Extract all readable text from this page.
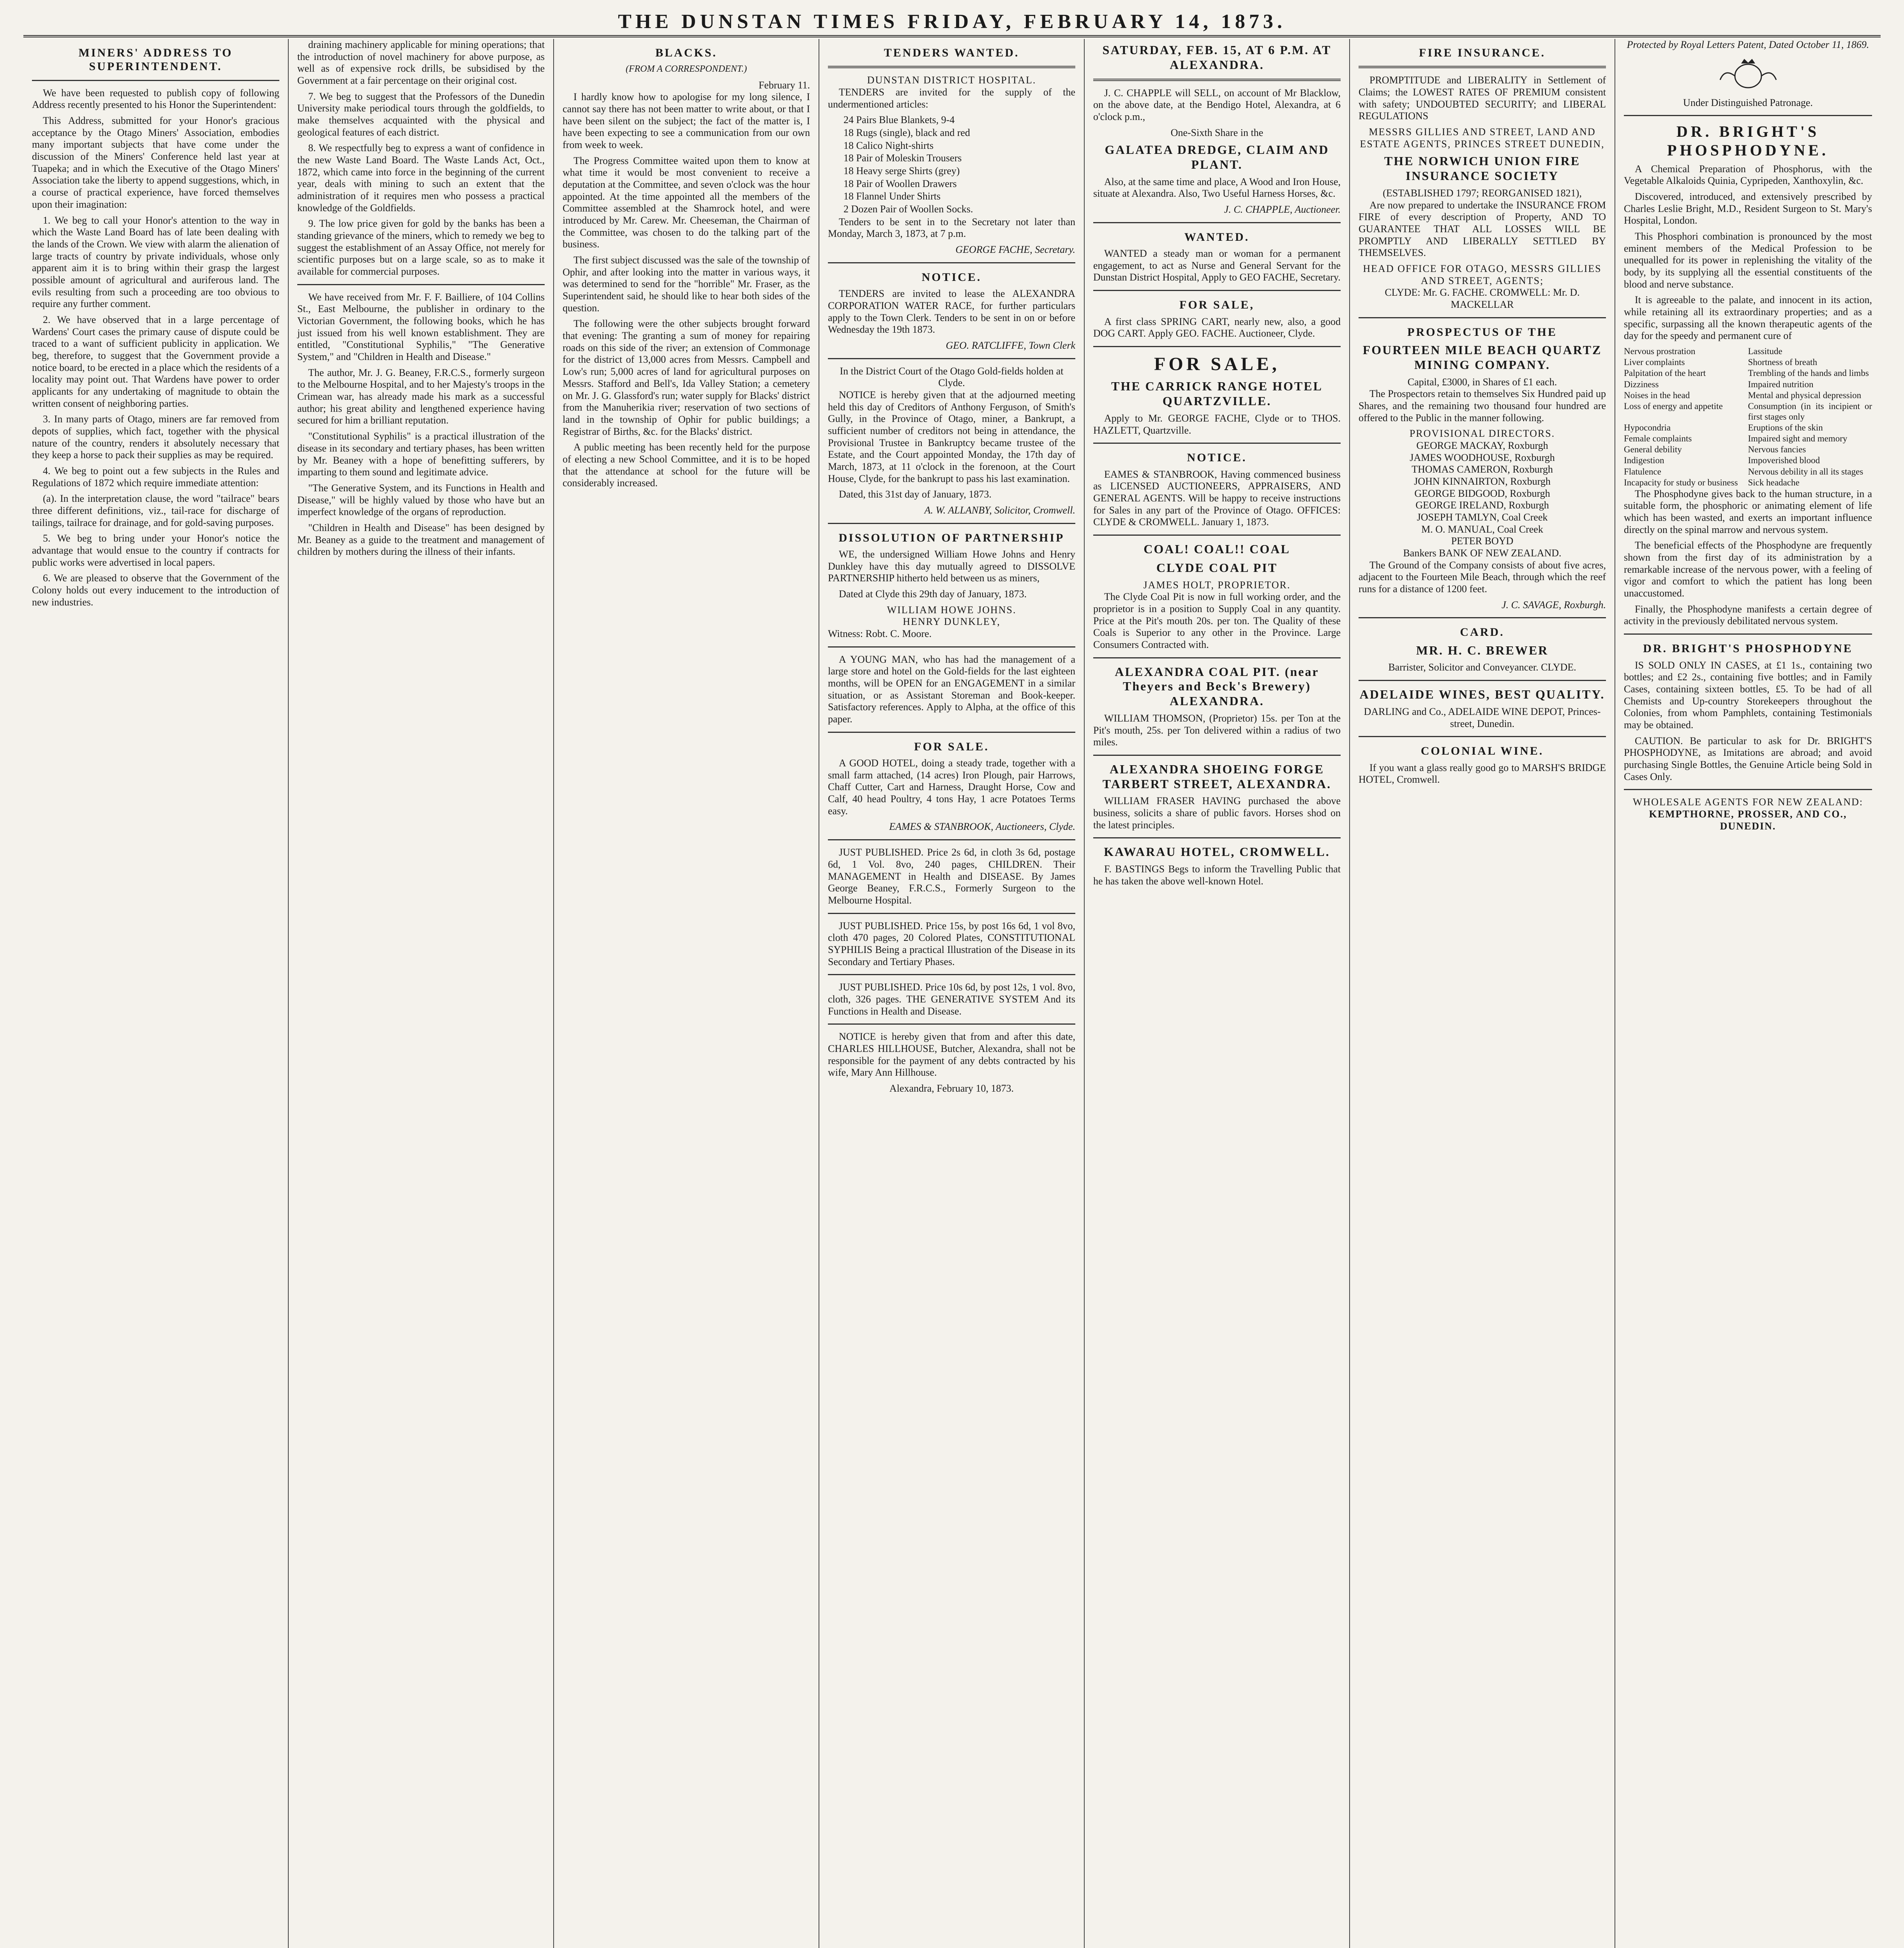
THE DUNSTAN TIMES FRIDAY, FEBRUARY 14, 1873.
MINERS' ADDRESS TO SUPERINTENDENT.

We have been requested to publish copy of following Address recently presented to his Honor the Superintendent:

This Address, submitted for your Honor's gracious acceptance by the Otago Miners' Association, embodies many important subjects that have come under the discussion of the Miners' Conference held last year at Tuapeka; and in which the Executive of the Otago Miners' Association take the liberty to append suggestions, which, in a course of practical experience, have forced themselves upon their imagination:

1. We beg to call your Honor's attention to the way in which the Waste Land Board has of late been dealing with the lands of the Crown. We view with alarm the alienation of large tracts of country by private individuals, whose only apparent aim it is to bring within their grasp the largest possible amount of agricultural and auriferous land. The evils resulting from such a proceeding are too obvious to require any further comment.

2. We have observed that in a large percentage of Wardens' Court cases the primary cause of dispute could be traced to a want of sufficient publicity in application. We beg, therefore, to suggest that the Government provide a notice board, to be erected in a place which the residents of a locality may point out. That Wardens have power to order applicants for any undertaking of magnitude to obtain the written consent of neighboring parties.

3. In many parts of Otago, miners are far removed from depots of supplies, which fact, together with the physical nature of the country, renders it absolutely necessary that they keep a horse to pack their supplies as may be required.

4. We beg to point out a few subjects in the Rules and Regulations of 1872 which require immediate attention:

(a). In the interpretation clause, the word "tailrace" bears three different definitions, viz., tail-race for discharge of tailings, tailrace for drainage, and for gold-saving purposes.

5. We beg to bring under your Honor's notice the advantage that would ensue to the country if contracts for public works were advertised in local papers.

6. We are pleased to observe that the Government of the Colony holds out every inducement to the introduction of new industries.

draining machinery applicable for mining operations; that the introduction of novel machinery for above purpose, as well as of expensive rock drills, be subsidised by the Government at a fair percentage on their original cost.

7. We beg to suggest that the Professors of the Dunedin University make periodical tours through the goldfields, to make themselves acquainted with the physical and geological features of each district.

8. We respectfully beg to express a want of confidence in the new Waste Land Board. The Waste Lands Act, Oct., 1872, which came into force in the beginning of the current year, deals with mining to such an extent that the administration of it requires men who possess a practical knowledge of the Goldfields.

9. The low price given for gold by the banks has been a standing grievance of the miners, which to remedy we beg to suggest the establishment of an Assay Office, not merely for scientific purposes but on a large scale, so as to make it available for commercial purposes.

We have received from Mr. F. F. Bailliere, of 104 Collins St., East Melbourne, the publisher in ordinary to the Victorian Government, the following books, which he has just issued from his well known establishment. They are entitled, "Constitutional Syphilis," "The Generative System," and "Children in Health and Disease."

The author, Mr. J. G. Beaney, F.R.C.S., formerly surgeon to the Melbourne Hospital, and to her Majesty's troops in the Crimean war, has already made his mark as a successful author; his great ability and lengthened experience having secured for him a brilliant reputation.

"Constitutional Syphilis" is a practical illustration of the disease in its secondary and tertiary phases, has been written by Mr. Beaney with a hope of benefitting sufferers, by imparting to them sound and legitimate advice.

"The Generative System, and its Functions in Health and Disease," will be highly valued by those who have but an imperfect knowledge of the organs of reproduction.

"Children in Health and Disease" has been designed by Mr. Beaney as a guide to the treatment and management of children by mothers during the illness of their infants.

BLACKS.
(FROM A CORRESPONDENT.)
February 11.

I hardly know how to apologise for my long silence, I cannot say there has not been matter to write about, or that I have been silent on the subject; the fact of the matter is, I have been expecting to see a communication from our own from week to week.

The Progress Committee waited upon them to know at what time it would be most convenient to receive a deputation at the Committee, and seven o'clock was the hour appointed. At the time appointed all the members of the Committee assembled at the Shamrock hotel, and were introduced by Mr. Carew. Mr. Cheeseman, the Chairman of the Committee, was chosen to do the talking part of the business.

The first subject discussed was the sale of the township of Ophir, and after looking into the matter in various ways, it was determined to send for the "horrible" Mr. Fraser, as the Superintendent said, he should like to hear both sides of the question.

The following were the other subjects brought forward that evening: The granting a sum of money for repairing roads on this side of the river; an extension of Commonage for the district of 13,000 acres from Messrs. Campbell and Low's run; 5,000 acres of land for agricultural purposes on Messrs. Stafford and Bell's, Ida Valley Station; a cemetery on Mr. J. G. Glassford's run; water supply for Blacks' district from the Manuherikia river; reservation of two sections of land in the township of Ophir for public buildings; a Registrar of Births, &c. for the Blacks' district.

A public meeting has been recently held for the purpose of electing a new School Committee, and it is to be hoped that the attendance at school for the future will be considerably increased.

TENDERS WANTED.
DUNSTAN DISTRICT HOSPITAL.

TENDERS are invited for the supply of the undermentioned articles:

24 Pairs Blue Blankets, 9-4
18 Rugs (single), black and red
18 Calico Night-shirts
18 Pair of Moleskin Trousers
18 Heavy serge Shirts (grey)
18 Pair of Woollen Drawers
18 Flannel Under Shirts
2 Dozen Pair of Woollen Socks.

Tenders to be sent in to the Secretary not later than Monday, March 3, 1873, at 7 p.m.

GEORGE FACHE, Secretary.
NOTICE.

TENDERS are invited to lease the ALEXANDRA CORPORATION WATER RACE, for further particulars apply to the Town Clerk. Tenders to be sent in on or before Wednesday the 19th 1873.

GEO. RATCLIFFE, Town Clerk
In the District Court of the Otago Gold-fields holden at Clyde.

NOTICE is hereby given that at the adjourned meeting held this day of Creditors of Anthony Ferguson, of Smith's Gully, in the Province of Otago, miner, a Bankrupt, a sufficient number of creditors not being in attendance, the Provisional Trustee in Bankruptcy became trustee of the Estate, and the Court appointed Monday, the 17th day of March, 1873, at 11 o'clock in the forenoon, at the Court House, Clyde, for the bankrupt to pass his last examination.

Dated, this 31st day of January, 1873.

A. W. ALLANBY, Solicitor, Cromwell.
DISSOLUTION OF PARTNERSHIP

WE, the undersigned William Howe Johns and Henry Dunkley have this day mutually agreed to DISSOLVE PARTNERSHIP hitherto held between us as miners,

Dated at Clyde this 29th day of January, 1873.

WILLIAM HOWE JOHNS.
HENRY DUNKLEY,

Witness: Robt. C. Moore.

A YOUNG MAN, who has had the management of a large store and hotel on the Gold-fields for the last eighteen months, will be OPEN for an ENGAGEMENT in a similar situation, or as Assistant Storeman and Book-keeper. Satisfactory references. Apply to Alpha, at the office of this paper.

FOR SALE.

A GOOD HOTEL, doing a steady trade, together with a small farm attached, (14 acres) Iron Plough, pair Harrows, Chaff Cutter, Cart and Harness, Draught Horse, Cow and Calf, 40 head Poultry, 4 tons Hay, 1 acre Potatoes Terms easy.

EAMES & STANBROOK, Auctioneers, Clyde.

JUST PUBLISHED. Price 2s 6d, in cloth 3s 6d, postage 6d, 1 Vol. 8vo, 240 pages, CHILDREN. Their MANAGEMENT in Health and DISEASE. By James George Beaney, F.R.C.S., Formerly Surgeon to the Melbourne Hospital.

JUST PUBLISHED. Price 15s, by post 16s 6d, 1 vol 8vo, cloth 470 pages, 20 Colored Plates, CONSTITUTIONAL SYPHILIS Being a practical Illustration of the Disease in its Secondary and Tertiary Phases.

JUST PUBLISHED. Price 10s 6d, by post 12s, 1 vol. 8vo, cloth, 326 pages. THE GENERATIVE SYSTEM And its Functions in Health and Disease.

NOTICE is hereby given that from and after this date, CHARLES HILLHOUSE, Butcher, Alexandra, shall not be responsible for the payment of any debts contracted by his wife, Mary Ann Hillhouse.

Alexandra, February 10, 1873.
SATURDAY, FEB. 15, AT 6 P.M. AT ALEXANDRA.

J. C. CHAPPLE will SELL, on account of Mr Blacklow, on the above date, at the Bendigo Hotel, Alexandra, at 6 o'clock p.m.,

One-Sixth Share in the
GALATEA DREDGE, CLAIM AND PLANT.

Also, at the same time and place, A Wood and Iron House, situate at Alexandra. Also, Two Useful Harness Horses, &c.

J. C. CHAPPLE, Auctioneer.
WANTED.

WANTED a steady man or woman for a permanent engagement, to act as Nurse and General Servant for the Dunstan District Hospital, Apply to GEO FACHE, Secretary.

FOR SALE,

A first class SPRING CART, nearly new, also, a good DOG CART. Apply GEO. FACHE. Auctioneer, Clyde.

FOR SALE,
THE CARRICK RANGE HOTEL QUARTZVILLE.

Apply to Mr. GEORGE FACHE, Clyde or to THOS. HAZLETT, Quartzville.

NOTICE.

EAMES & STANBROOK, Having commenced business as LICENSED AUCTIONEERS, APPRAISERS, AND GENERAL AGENTS. Will be happy to receive instructions for Sales in any part of the Province of Otago. OFFICES: CLYDE & CROMWELL. January 1, 1873.

COAL! COAL!! COAL
CLYDE COAL PIT
JAMES HOLT, PROPRIETOR.

The Clyde Coal Pit is now in full working order, and the proprietor is in a position to Supply Coal in any quantity. Price at the Pit's mouth 20s. per ton. The Quality of these Coals is Superior to any other in the Province. Large Consumers Contracted with.

ALEXANDRA COAL PIT. (near Theyers and Beck's Brewery) ALEXANDRA.

WILLIAM THOMSON, (Proprietor) 15s. per Ton at the Pit's mouth, 25s. per Ton delivered within a radius of two miles.

ALEXANDRA SHOEING FORGE TARBERT STREET, ALEXANDRA.

WILLIAM FRASER HAVING purchased the above business, solicits a share of public favors. Horses shod on the latest principles.

KAWARAU HOTEL, CROMWELL.

F. BASTINGS Begs to inform the Travelling Public that he has taken the above well-known Hotel.

FIRE INSURANCE.

PROMPTITUDE and LIBERALITY in Settlement of Claims; the LOWEST RATES OF PREMIUM consistent with safety; UNDOUBTED SECURITY; and LIBERAL REGULATIONS

MESSRS GILLIES AND STREET, LAND AND ESTATE AGENTS, PRINCES STREET DUNEDIN,
THE NORWICH UNION FIRE INSURANCE SOCIETY
(ESTABLISHED 1797; REORGANISED 1821),

Are now prepared to undertake the INSURANCE FROM FIRE of every description of Property, AND TO GUARANTEE THAT ALL LOSSES WILL BE PROMPTLY AND LIBERALLY SETTLED BY THEMSELVES.

HEAD OFFICE FOR OTAGO, MESSRS GILLIES AND STREET, AGENTS;
CLYDE: Mr. G. FACHE. CROMWELL: Mr. D. MACKELLAR
PROSPECTUS OF THE
FOURTEEN MILE BEACH QUARTZ MINING COMPANY.
Capital, £3000, in Shares of £1 each.

The Prospectors retain to themselves Six Hundred paid up Shares, and the remaining two thousand four hundred are offered to the Public in the manner following.

PROVISIONAL DIRECTORS.
GEORGE MACKAY, Roxburgh
JAMES WOODHOUSE, Roxburgh
THOMAS CAMERON, Roxburgh
JOHN KINNAIRTON, Roxburgh
GEORGE BIDGOOD, Roxburgh
GEORGE IRELAND, Roxburgh
JOSEPH TAMLYN, Coal Creek
M. O. MANUAL, Coal Creek
PETER BOYD
Bankers BANK OF NEW ZEALAND.

The Ground of the Company consists of about five acres, adjacent to the Fourteen Mile Beach, through which the reef runs for a distance of 1200 feet.

J. C. SAVAGE, Roxburgh.
CARD.
MR. H. C. BREWER
Barrister, Solicitor and Conveyancer. CLYDE.
ADELAIDE WINES, BEST QUALITY.
DARLING and Co., ADELAIDE WINE DEPOT, Princes-street, Dunedin.
COLONIAL WINE.

If you want a glass really good go to MARSH'S BRIDGE HOTEL, Cromwell.

Protected by Royal Letters Patent, Dated October 11, 1869.
Under Distinguished Patronage.
DR. BRIGHT'S PHOSPHODYNE.

A Chemical Preparation of Phosphorus, with the Vegetable Alkaloids Quinia, Cypripeden, Xanthoxylin, &c.

Discovered, introduced, and extensively prescribed by Charles Leslie Bright, M.D., Resident Surgeon to St. Mary's Hospital, London.

This Phosphori combination is pronounced by the most eminent members of the Medical Profession to be unequalled for its power in replenishing the vitality of the body, by its supplying all the essential constituents of the blood and nerve substance.

It is agreeable to the palate, and innocent in its action, while retaining all its extraordinary properties; and as a specific, surpassing all the known therapeutic agents of the day for the speedy and permanent cure of

Nervous prostration	Lassitude
Liver complaints	Shortness of breath
Palpitation of the heart	Trembling of the hands and limbs
Dizziness	Impaired nutrition
Noises in the head	Mental and physical depression
Loss of energy and appetite	Consumption (in its incipient or first stages only
Hypocondria	Eruptions of the skin
Female complaints	Impaired sight and memory
General debility	Nervous fancies
Indigestion	Impoverished blood
Flatulence	Nervous debility in all its stages
Incapacity for study or business	Sick headache

The Phosphodyne gives back to the human structure, in a suitable form, the phosphoric or animating element of life which has been wasted, and exerts an important influence directly on the spinal marrow and nervous system.

The beneficial effects of the Phosphodyne are frequently shown from the first day of its administration by a remarkable increase of the nervous power, with a feeling of vigor and comfort to which the patient has long been unaccustomed.

Finally, the Phosphodyne manifests a certain degree of activity in the previously debilitated nervous system.

DR. BRIGHT'S PHOSPHODYNE

IS SOLD ONLY IN CASES, at £1 1s., containing two bottles; and £2 2s., containing five bottles; and in Family Cases, containing sixteen bottles, £5. To be had of all Chemists and Up-country Storekeepers throughout the Colonies, from whom Pamphlets, containing Testimonials may be obtained.

CAUTION. Be particular to ask for Dr. BRIGHT'S PHOSPHODYNE, as Imitations are abroad; and avoid purchasing Single Bottles, the Genuine Article being Sold in Cases Only.

WHOLESALE AGENTS FOR NEW ZEALAND:
KEMPTHORNE, PROSSER, AND CO., DUNEDIN.
